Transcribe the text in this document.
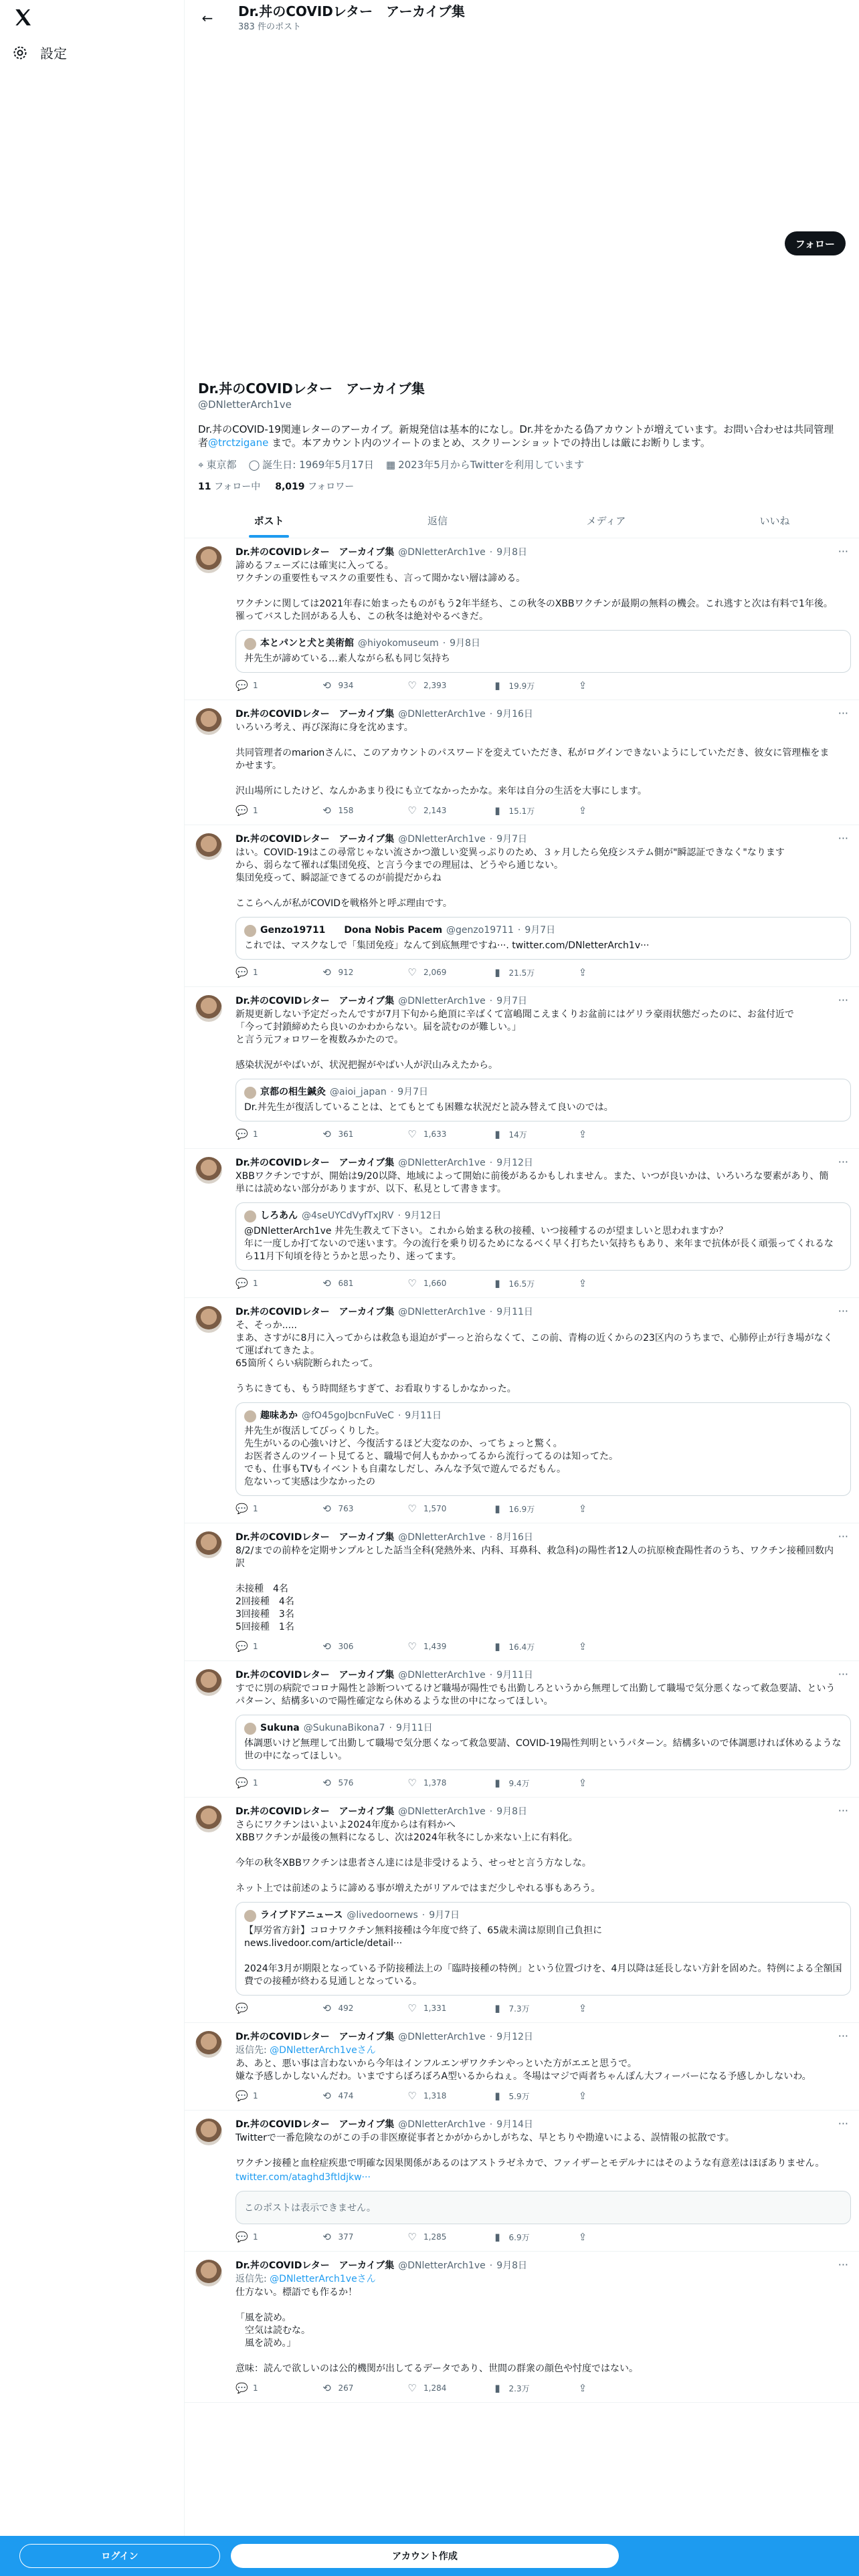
設定
←	Dr.丼のCOVIDレター　アーカイブ集
383 件のポスト
フォロー
Dr.丼のCOVIDレター　アーカイブ集
@DNletterArch1ve
Dr.丼のCOVID-19関連レターのアーカイブ。新規発信は基本的になし。Dr.丼をかたる偽アカウントが増えています。お問い合わせは共同管理者@trctzigane まで。本アカウント内のツイートのまとめ、スクリーンショットでの持出しは厳にお断りします。
⌖ 東京都 ◯ 誕生日: 1969年5月17日 ▦ 2023年5月からTwitterを利用しています
11 フォロー中 8,019 フォロワー
ポスト	返信	メディア	いいね
···
Dr.丼のCOVIDレター　アーカイブ集 @DNletterArch1ve · 9月8日
諦めるフェーズには確実に入ってる。
ワクチンの重要性もマスクの重要性も、言って聞かない層は諦める。

ワクチンに関しては2021年春に始まったものがもう2年半経ち、この秋冬のXBBワクチンが最期の無料の機会。これ逃すと次は有料で1年後。
罹ってバスした回がある人も、この秋冬は絶対やるべきだ。
本とパンと犬と美術館 @hiyokomuseum · 9月8日
丼先生が諦めている…素人ながら私も同じ気持ち
💬 1	⟲ 934	♡ 2,393	▮	19.9万	⇪
···
Dr.丼のCOVIDレター　アーカイブ集 @DNletterArch1ve · 9月16日
いろいろ考え、再び深海に身を沈めます。

共同管理者のmarionさんに、このアカウントのパスワードを変えていただき、私がログインできないようにしていただき、彼女に管理権をまかせます。

沢山場所にしたけど、なんかあまり役にも立てなかったかな。来年は自分の生活を大事にします。
💬 1	⟲ 158	♡ 2,143	▮	15.1万	⇪
···
Dr.丼のCOVIDレター　アーカイブ集 @DNletterArch1ve · 9月7日
はい。COVID-19はこの尋常じゃない流さかつ激しい変異っぷりのため、３ヶ月したら免疫システム側が"瞬認証できなく"なります
から、弱らなて罹れば集団免疫、と言う今までの理屈は、どうやら通じない。
集団免疫って、瞬認証できてるのが前提だからね

ここらへんが私がCOVIDを戦格外と呼ぶ理由です。
Genzo19711　　Dona Nobis Pacem @genzo19711 · 9月7日
これでは、マスクなしで「集団免疫」なんて到底無理ですね···. twitter.com/DNletterArch1v···
💬 1	⟲ 912	♡ 2,069	▮	21.5万	⇪
···
Dr.丼のCOVIDレター　アーカイブ集 @DNletterArch1ve · 9月7日
新規更新しない予定だったんですが7月下旬から絶頂に辛ばくて富嶋聞こえまくりお盆前にはゲリラ豪雨状態だったのに、お盆付近で
「今って封鎖締めたら良いのかわからない。届を読むのが難しい。」
と言う元フォロワーを複数みかたので。

感染状況がやばいが、状況把握がやばい人が沢山みえたから。
京都の相生鍼灸 @aioi_japan · 9月7日
Dr.丼先生が復活していることは、とてもとても困難な状況だと読み替えて良いのでは。
💬 1	⟲ 361	♡ 1,633	▮	14万	⇪
···
Dr.丼のCOVIDレター　アーカイブ集 @DNletterArch1ve · 9月12日
XBBワクチンですが、開始は9/20以降、地域によって開始に前後があるかもしれません。また、いつが良いかは、いろいろな要素があり、簡単には読めない部分がありますが、以下、私見として書きます。
しろあん @4seUYCdVyfTxJRV · 9月12日
@DNletterArch1ve 丼先生教えて下さい。これから始まる秋の接種、いつ接種するのが望ましいと思われますか？
年に一度しか打てないので迷います。今の流行を乗り切るためになるべく早く打ちたい気持ちもあり、来年まで抗体が長く頑張ってくれるなら11月下旬頃を待とうかと思ったり、迷ってます。
💬 1	⟲ 681	♡ 1,660	▮	16.5万	⇪
···
Dr.丼のCOVIDレター　アーカイブ集 @DNletterArch1ve · 9月11日
そ、そっか.....
まあ、さすがに8月に入ってからは救急も退迫がずーっと治らなくて、この前、青梅の近くからの23区内のうちまで、心肺停止が行き場がなくて運ばれてきたよ。
65箇所くらい病院断られたって。

うちにきても、もう時間経ちすぎて、お看取りするしかなかった。
趣味あか @fO45goJbcnFuVeC · 9月11日
丼先生が復活してびっくりした。
先生がいるの心強いけど、今復活するほど大変なのか、ってちょっと驚く。
お医者さんのツイート見てると、職場で何人もかかってるから流行ってるのは知ってた。
でも、仕事もTVもイベントも自粛なしだし、みんな予気で遊んでるだもん。
危ないって実感は少なかったの
💬 1	⟲ 763	♡ 1,570	▮	16.9万	⇪
···
Dr.丼のCOVIDレター　アーカイブ集 @DNletterArch1ve · 8月16日
8/2/までの前枠を定期サンプルとした話当全科(発熱外来、内科、耳鼻科、救急科)の陽性者12人の抗原検査陽性者のうち、ワクチン接種回数内訳

未接種　4名
2回接種　4名
3回接種　3名
5回接種　1名
💬 1	⟲ 306	♡ 1,439	▮	16.4万	⇪
···
Dr.丼のCOVIDレター　アーカイブ集 @DNletterArch1ve · 9月11日
すでに別の病院でコロナ陽性と診断ついてるけど職場が陽性でも出勤しろというから無理して出勤して職場で気分悪くなって救急要請、というパターン、結構多いので陽性確定なら休めるような世の中になってほしい。
Sukuna @SukunaBikona7 · 9月11日
体調悪いけど無理して出勤して職場で気分悪くなって救急要請、COVID-19陽性判明というパターン。結構多いので体調悪ければ休めるような世の中になってほしい。
💬 1	⟲ 576	♡ 1,378	▮	9.4万	⇪
···
Dr.丼のCOVIDレター　アーカイブ集 @DNletterArch1ve · 9月8日
さらにワクチンはいよいよ2024年度からは有料かへ
XBBワクチンが最後の無料になるし、次は2024年秋冬にしか来ない上に有料化。

今年の秋冬XBBワクチンは患者さん達には是非受けるよう、せっせと言う方なしな。

ネット上では前述のように諦める事が増えたがリアルではまだ少しやれる事もあろう。
ライブドアニュース @livedoornews · 9月7日
【厚労省方針】コロナワクチン無料接種は今年度で終了、65歳未満は原則自己負担に
news.livedoor.com/article/detail···

2024年3月が期限となっている予防接種法上の「臨時接種の特例」という位置づけを、4月以降は延長しない方針を固めた。特例による全額国費での接種が終わる見通しとなっている。
💬	⟲ 492	♡ 1,331	▮	7.3万	⇪
···
Dr.丼のCOVIDレター　アーカイブ集 @DNletterArch1ve · 9月12日
返信先: @DNletterArch1veさん
あ、あと、悪い事は言わないから今年はインフルエンザワクチンやっといた方がエエと思うで。
嫌な予感しかしないんだわ。いまですらぼろぼろA型いるからねぇ。冬場はマジで両者ちゃんぽん大フィーバーになる予感しかしないわ。
💬 1	⟲ 474	♡ 1,318	▮	5.9万	⇪
···
Dr.丼のCOVIDレター　アーカイブ集 @DNletterArch1ve · 9月14日
Twitterで一番危険なのがこの手の非医療従事者とかがからかしがちな、早とちりや勘違いによる、誤情報の拡散です。

ワクチン接種と血栓症疾患で明確な因果関係があるのはアストラゼネカで、ファイザーとモデルナにはそのような有意差はほぼありません。
twitter.com/ataghd3ftldjkw···
このポストは表示できません。
💬 1	⟲ 377	♡ 1,285	▮	6.9万	⇪
···
Dr.丼のCOVIDレター　アーカイブ集 @DNletterArch1ve · 9月8日
返信先: @DNletterArch1veさん
仕方ない。標語でも作るか！

「風を読め。
　空気は読むな。
　風を読め。」

意味：読んで欲しいのは公的機関が出してるデータであり、世間の群衆の顔色や忖度ではない。
💬 1	⟲ 267	♡ 1,284	▮	2.3万	⇪
ログイン	アカウント作成
